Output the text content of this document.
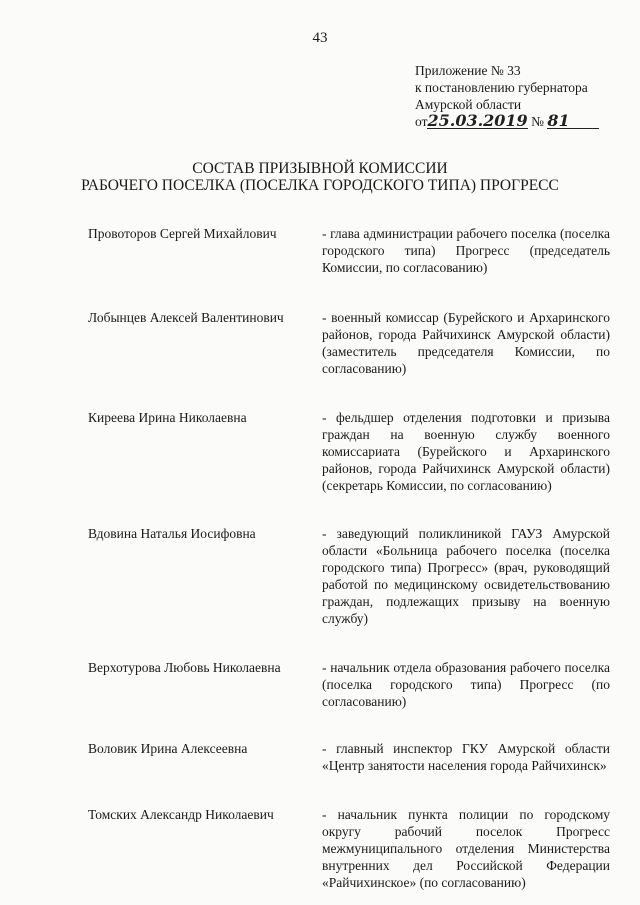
43
Приложение № 33
к постановлению губернатора
Амурской области
от25.03.2019 № 81
СОСТАВ ПРИЗЫВНОЙ КОМИССИИ
РАБОЧЕГО ПОСЕЛКА (ПОСЕЛКА ГОРОДСКОГО ТИПА) ПРОГРЕСС
Провоторов Сергей Михайлович	- глава администрации рабочего поселка (поселка городского типа) Прогресс (председатель Комиссии, по согласованию)
Лобынцев Алексей Валентинович	- военный комиссар (Бурейского и Архаринского районов, города Райчихинск Амурской области) (заместитель председателя Комиссии, по согласованию)
Киреева Ирина Николаевна	- фельдшер отделения подготовки и призыва граждан на военную службу военного комиссариата (Бурейского и Архаринского районов, города Райчихинск Амурской области) (секретарь Комиссии, по согласованию)
Вдовина Наталья Иосифовна	- заведующий поликлиникой ГАУЗ Амурской области «Больница рабочего поселка (поселка городского типа) Прогресс» (врач, руководящий работой по медицинскому освидетельствованию граждан, подлежащих призыву на военную службу)
Верхотурова Любовь Николаевна	- начальник отдела образования рабочего поселка (поселка городского типа) Прогресс (по согласованию)
Воловик Ирина Алексеевна	- главный инспектор ГКУ Амурской области «Центр занятости населения города Райчихинск»
Томских Александр Николаевич	- начальник пункта полиции по городскому округу рабочий поселок Прогресс межмуниципального отделения Министерства внутренних дел Российской Федерации «Райчихинское» (по согласованию)
